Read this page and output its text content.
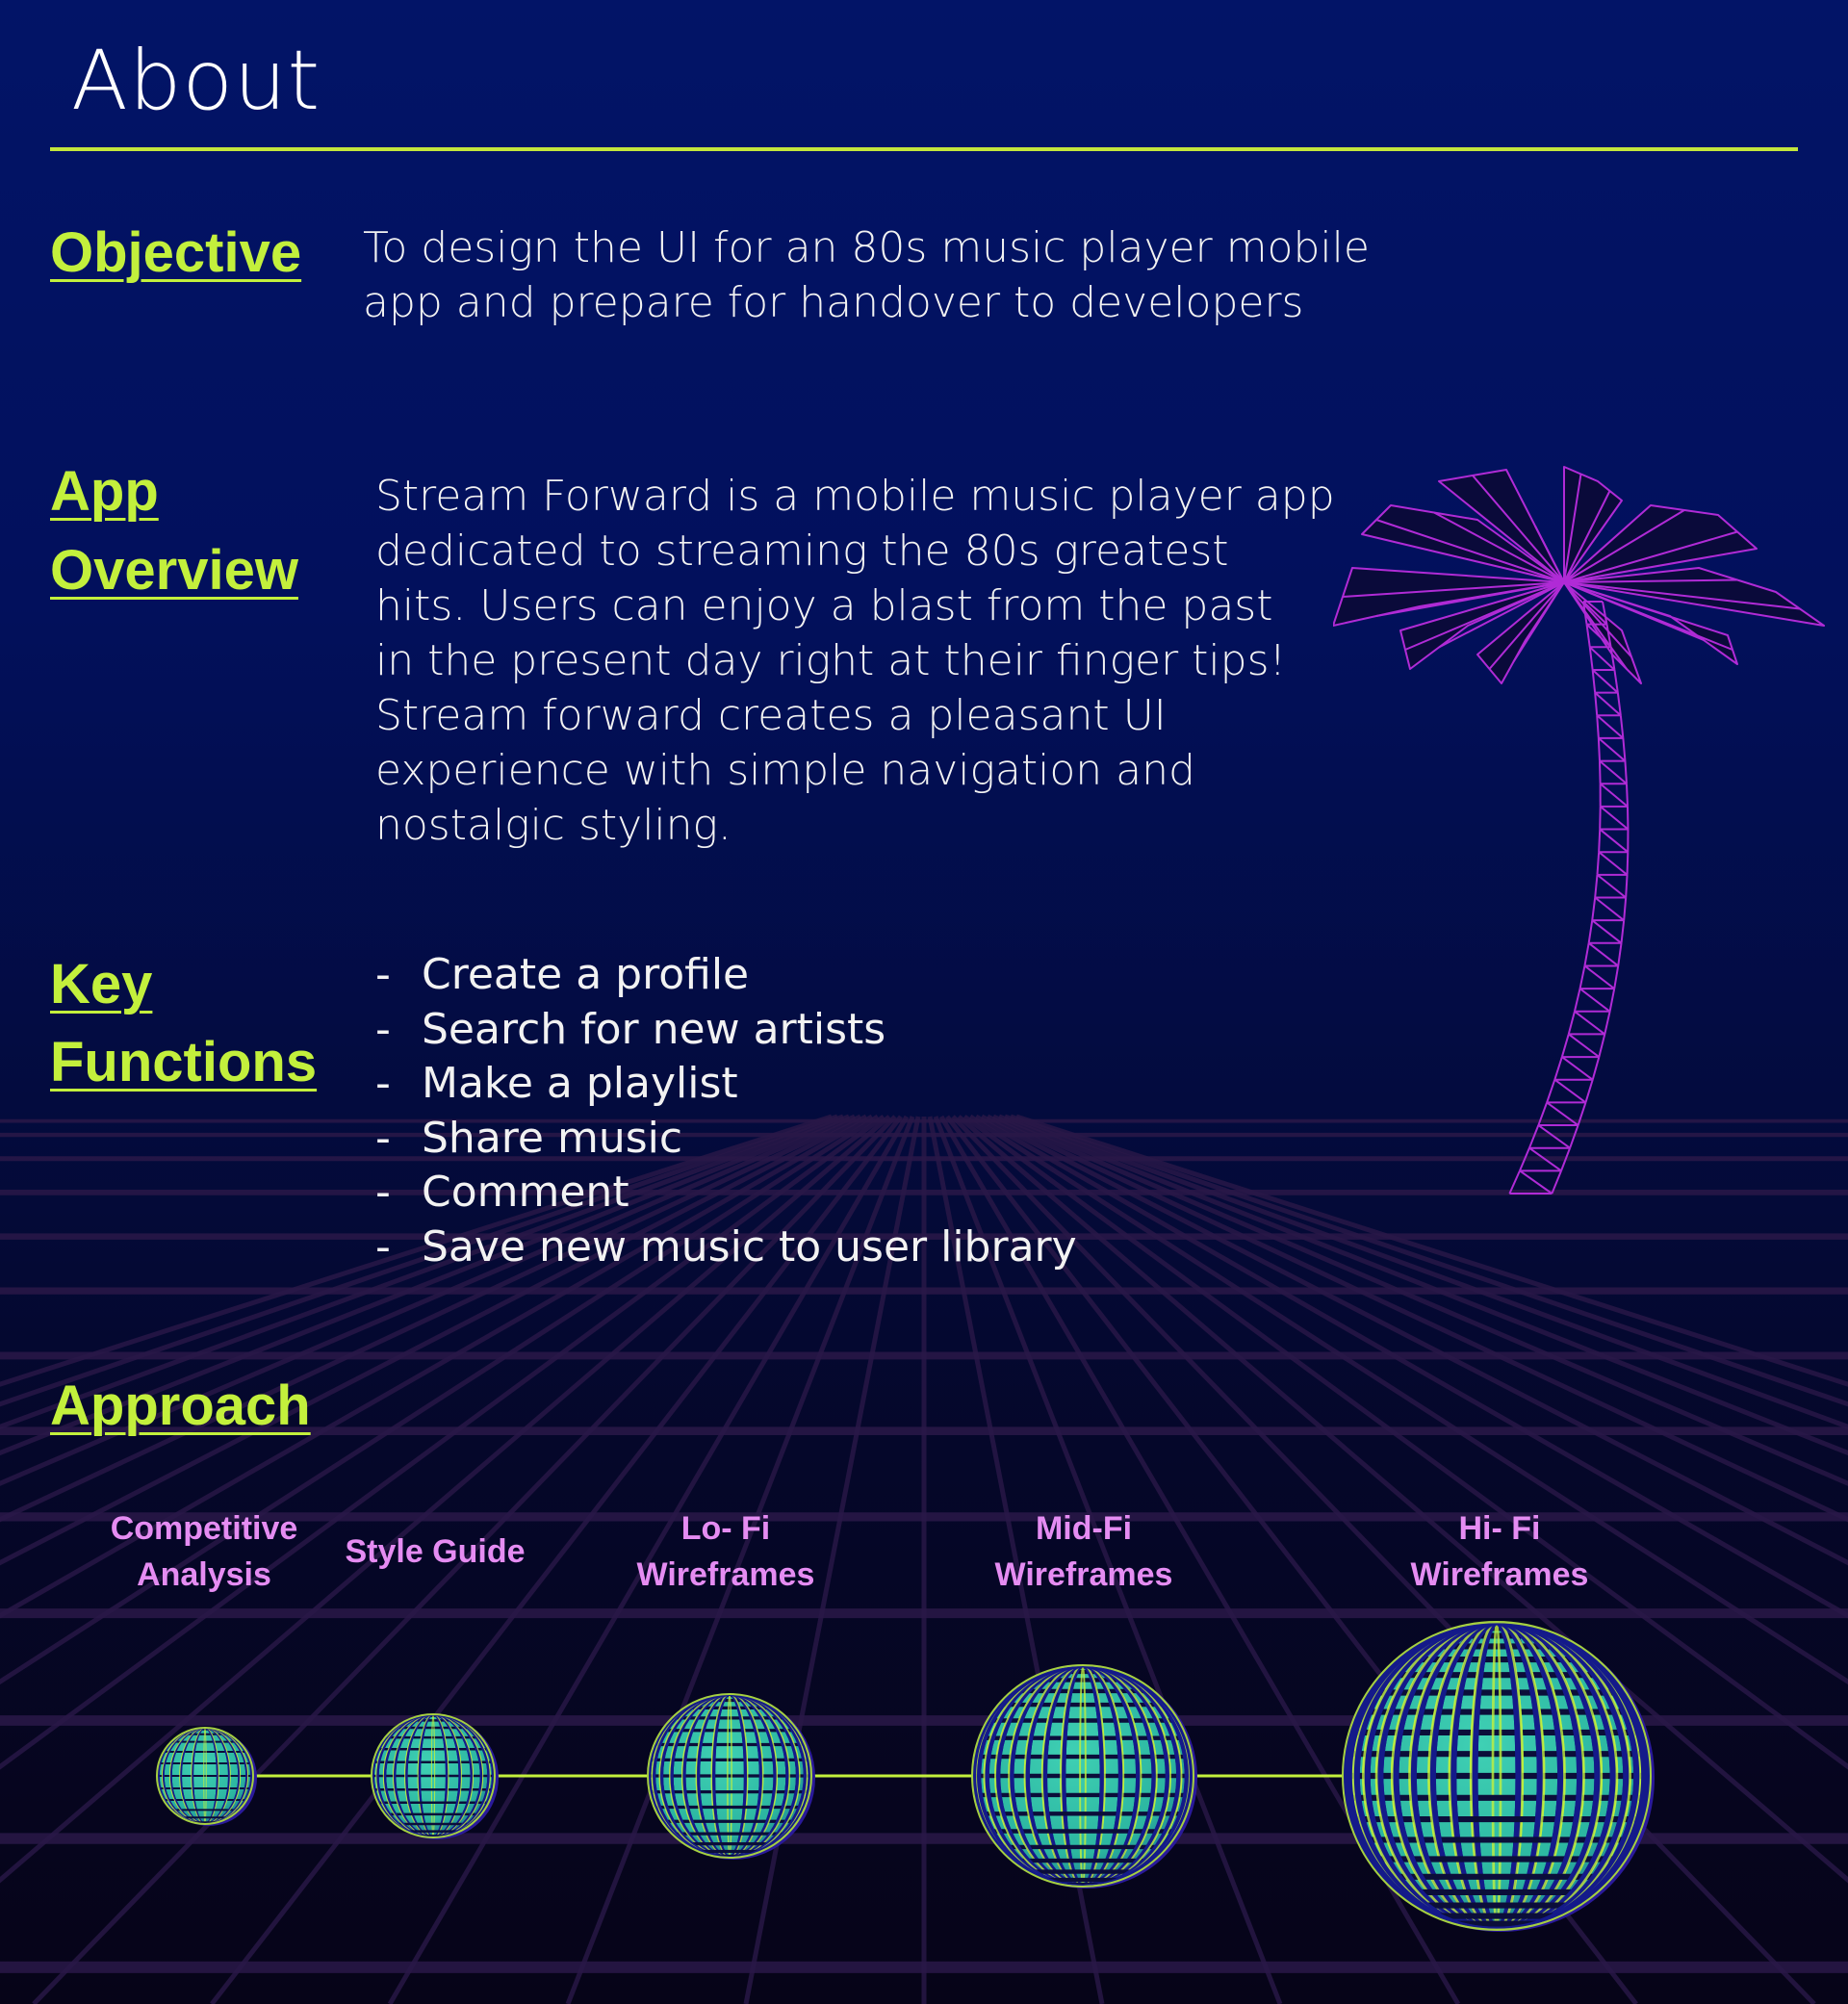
About
Objective To design the UI for an 80s music player mobile
app and prepare for handover to developers
App
Overview
Stream Forward is a mobile music player app
dedicated to streaming the 80s greatest
hits. Users can enjoy a blast from the past
in the present day right at their finger tips!
Stream forward creates a pleasant UI
experience with simple navigation and
nostalgic styling.
Key
Functions
- Create a profile
- Search for new artists
- Make a playlist
- Share music
- Comment
- Save new music to user library
Approach
Competitive
Analysis
Style Guide
Lo- Fi
Wireframes
Mid-Fi
Wireframes
Hi- Fi
Wireframes
